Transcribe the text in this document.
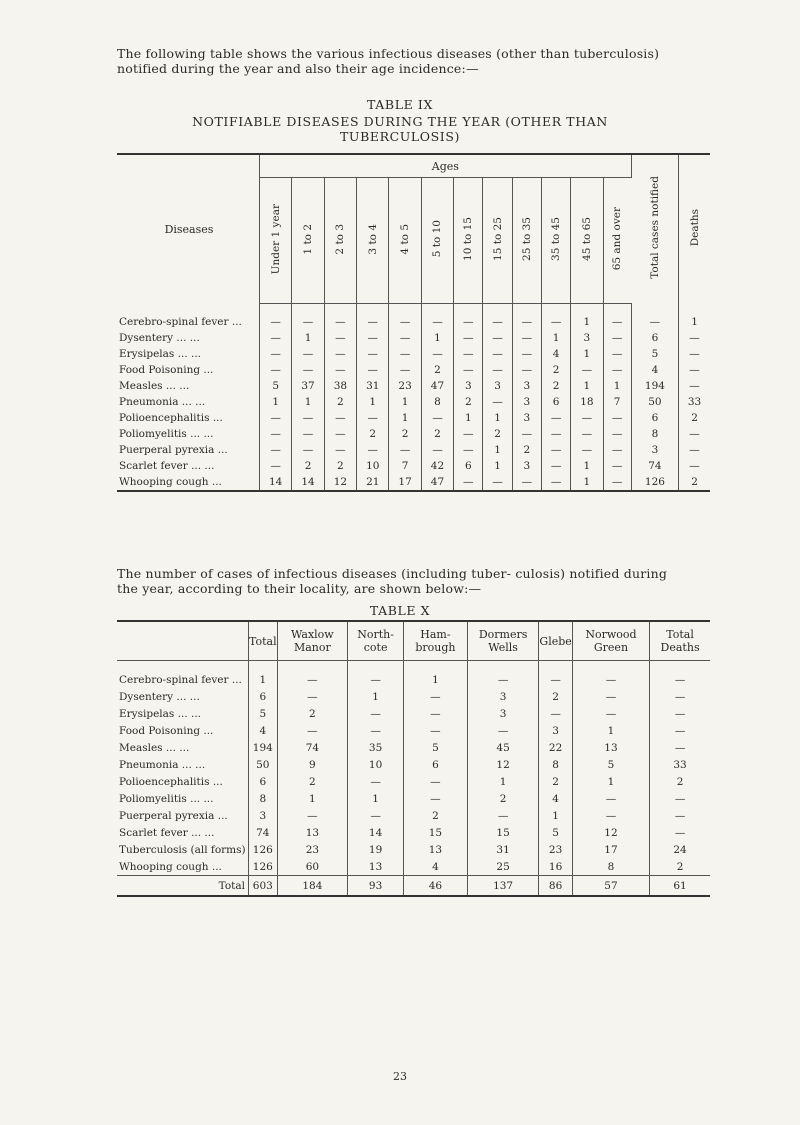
The following table shows the various infectious diseases (other than tuberculosis) notified during the year and also their age incidence:—
TABLE IX
NOTIFIABLE DISEASES DURING THE YEAR (OTHER THAN TUBERCULOSIS)
Diseases	Ages												Total cases notified	Deaths
	Under 1 year	1 to 2	2 to 3	3 to 4	4 to 5	5 to 10	10 to 15	15 to 25	25 to 35	35 to 45	45 to 65	65 and over		
Cerebro-spinal fever ...	—	—	—	—	—	—	—	—	—	—	1	—	—	1
Dysentery ... ...	—	1	—	—	—	1	—	—	—	1	3	—	6	—
Erysipelas ... ...	—	—	—	—	—	—	—	—	—	4	1	—	5	—
Food Poisoning ...	—	—	—	—	—	2	—	—	—	2	—	—	4	—
Measles ... ...	5	37	38	31	23	47	3	3	3	2	1	1	194	—
Pneumonia ... ...	1	1	2	1	1	8	2	—	3	6	18	7	50	33
Polioencephalitis ...	—	—	—	—	1	—	1	1	3	—	—	—	6	2
Poliomyelitis ... ...	—	—	—	2	2	2	—	2	—	—	—	—	8	—
Puerperal pyrexia ...	—	—	—	—	—	—	—	1	2	—	—	—	3	—
Scarlet fever ... ...	—	2	2	10	7	42	6	1	3	—	1	—	74	—
Whooping cough ...	14	14	12	21	17	47	—	—	—	—	1	—	126	2
The number of cases of infectious diseases (including tuber- culosis) notified during the year, according to their locality, are shown below:—
TABLE X
	Total	Waxlow Manor	North- cote	Ham- brough	Dormers Wells	Glebe	Norwood Green	Total Deaths
Cerebro-spinal fever ...	1	—	—	1	—	—	—	—
Dysentery ... ...	6	—	1	—	3	2	—	—
Erysipelas ... ...	5	2	—	—	3	—	—	—
Food Poisoning ...	4	—	—	—	—	3	1	—
Measles ... ...	194	74	35	5	45	22	13	—
Pneumonia ... ...	50	9	10	6	12	8	5	33
Polioencephalitis ...	6	2	—	—	1	2	1	2
Poliomyelitis ... ...	8	1	1	—	2	4	—	—
Puerperal pyrexia ...	3	—	—	2	—	1	—	—
Scarlet fever ... ...	74	13	14	15	15	5	12	—
Tuberculosis (all forms)	126	23	19	13	31	23	17	24
Whooping cough ...	126	60	13	4	25	16	8	2
Total	603	184	93	46	137	86	57	61
23
